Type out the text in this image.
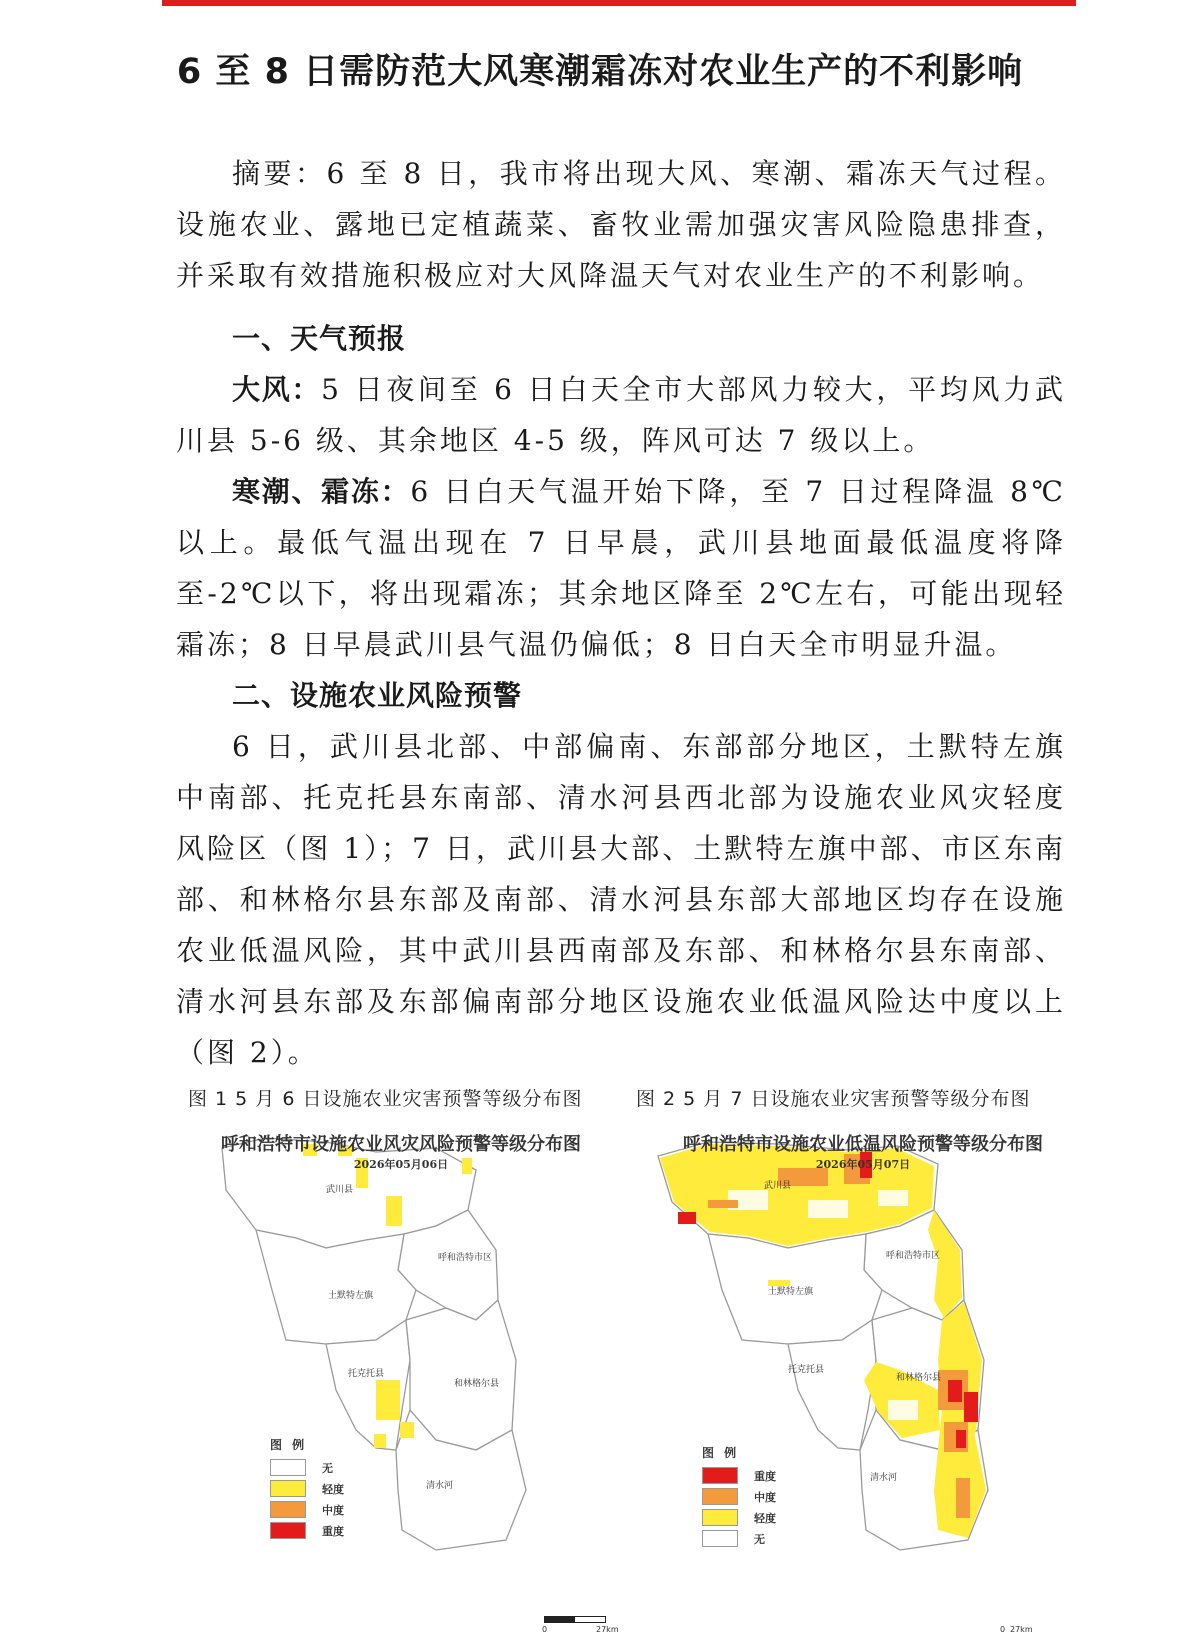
6 至 8 日需防范大风寒潮霜冻对农业生产的不利影响

摘要：6 至 8 日，我市将出现大风、寒潮、霜冻天气过程。设施农业、露地已定植蔬菜、畜牧业需加强灾害风险隐患排查，并采取有效措施积极应对大风降温天气对农业生产的不利影响。

一、天气预报

大风：5 日夜间至 6 日白天全市大部风力较大，平均风力武川县 5-6 级、其余地区 4-5 级，阵风可达 7 级以上。

寒潮、霜冻：6 日白天气温开始下降，至 7 日过程降温 8℃以上。最低气温出现在 7 日早晨，武川县地面最低温度将降至-2℃以下，将出现霜冻；其余地区降至 2℃左右，可能出现轻霜冻；8 日早晨武川县气温仍偏低；8 日白天全市明显升温。

二、设施农业风险预警

6 日，武川县北部、中部偏南、东部部分地区，土默特左旗中南部、托克托县东南部、清水河县西北部为设施农业风灾轻度风险区（图 1）；7 日，武川县大部、土默特左旗中部、市区东南部、和林格尔县东部及南部、清水河县东部大部地区均存在设施农业低温风险，其中武川县西南部及东部、和林格尔县东南部、清水河县东部及东部偏南部分地区设施农业低温风险达中度以上（图 2）。

图 1 5 月 6 日设施农业灾害预警等级分布图	图 2 5 月 7 日设施农业灾害预警等级分布图
呼和浩特市设施农业风灾风险预警等级分布图
2026年05月06日
武川县
呼和浩特市区
土默特左旗
托克托县
和林格尔县
清水河
图 例
无
轻度
中度
重度
呼和浩特市设施农业低温风险预警等级分布图
2026年05月07日
武川县
呼和浩特市区
土默特左旗
托克托县
和林格尔县
清水河
图 例
重度
中度
轻度
无
0	27km	0 27km
